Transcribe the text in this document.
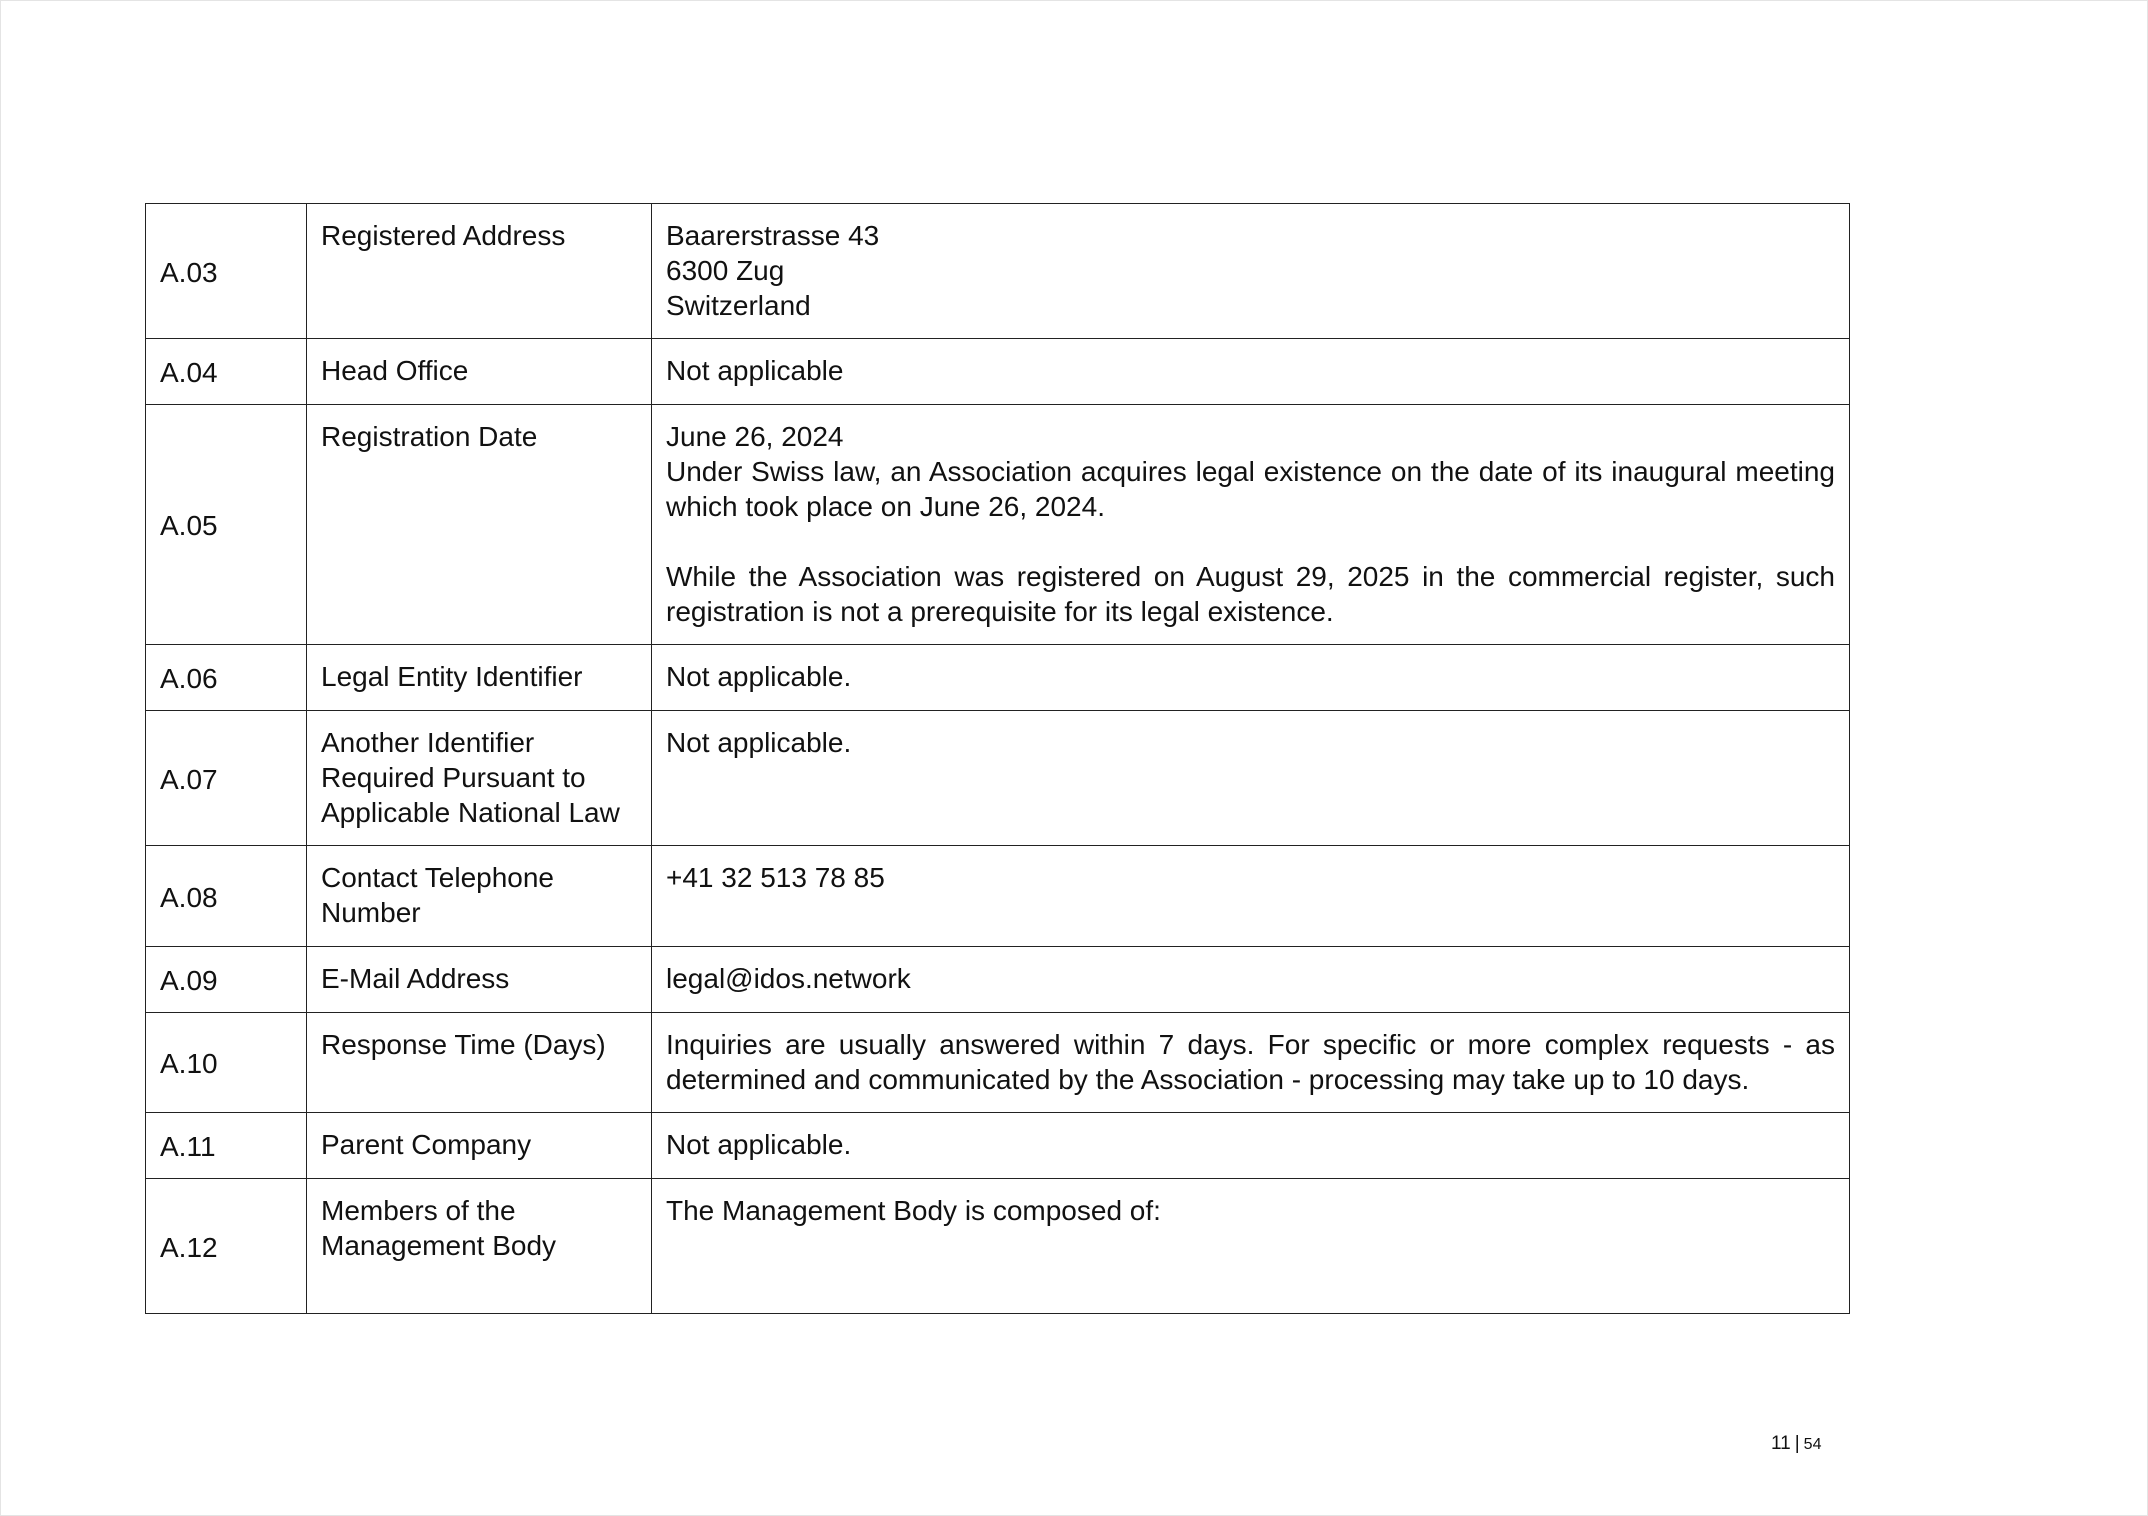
A.03	Registered Address	Baarerstrasse 43
6300 Zug
Switzerland

A.04	Head Office	Not applicable
A.05	Registration Date	June 26, 2024
Under Swiss law, an Association acquires legal existence on the date of its inaugural meeting which took place on June 26, 2024.
While the Association was registered on August 29, 2025 in the commercial register, such registration is not a prerequisite for its legal existence.

A.06	Legal Entity Identifier	Not applicable.
A.07	Another Identifier
Required Pursuant to
Applicable National Law	Not applicable.
A.08	Contact Telephone
Number	+41 32 513 78 85
A.09	E-Mail Address	legal@idos.network
A.10	Response Time (Days)	Inquiries are usually answered within 7 days. For specific or more complex requests - as determined and communicated by the Association - processing may take up to 10 days.
A.11	Parent Company	Not applicable.
A.12	Members of the
Management Body	The Management Body is composed of:
11 | 54
